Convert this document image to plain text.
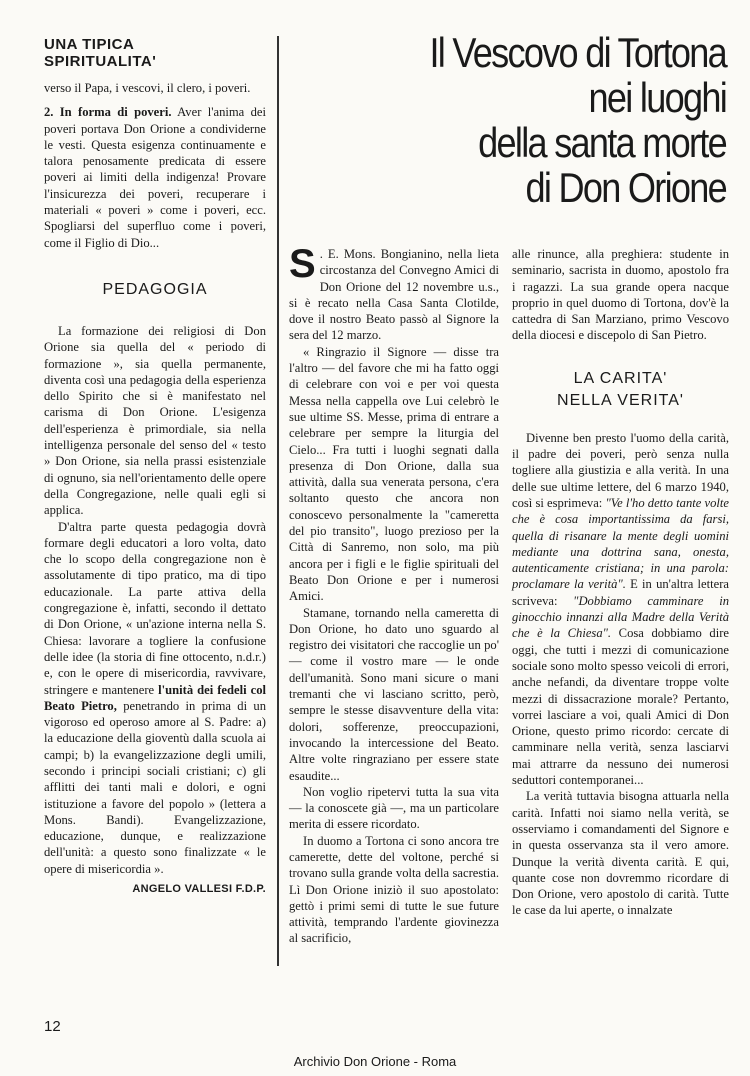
UNA TIPICA
SPIRITUALITA'

verso il Papa, i vescovi, il clero, i poveri.

2. In forma di poveri. Aver l'anima dei poveri portava Don Orione a condividerne le vesti. Questa esigenza continuamente e talora penosamente predicata di essere poveri ai limiti della indigenza! Provare l'insicurezza dei poveri, recuperare i materiali « poveri » come i poveri, ecc. Spogliarsi del superfluo come i poveri, come il Figlio di Dio...

PEDAGOGIA

La formazione dei religiosi di Don Orione sia quella del « periodo di formazione », sia quella permanente, diventa così una pedagogia della esperienza dello Spirito che si è manifestato nel carisma di Don Orione. L'esigenza dell'esperienza è primordiale, sia nella intelligenza personale del senso del « testo » Don Orione, sia nella prassi esistenziale di ognuno, sia nell'orientamento delle opere della Congregazione, nelle quali egli si applica.

D'altra parte questa pedagogia dovrà formare degli educatori a loro volta, dato che lo scopo della congregazione non è assolutamente di tipo pratico, ma di tipo educazionale. La parte attiva della congregazione è, infatti, secondo il dettato di Don Orione, « un'azione interna nella S. Chiesa: lavorare a togliere la confusione delle idee (la storia di fine ottocento, n.d.r.) e, con le opere di misericordia, ravvivare, stringere e mantenere l'unità dei fedeli col Beato Pietro, penetrando in prima di un vigoroso ed operoso amore al S. Padre: a) la educazione della gioventù dalla scuola ai campi; b) la evangelizzazione degli umili, secondo i principi sociali cristiani; c) gli afflitti dei tanti mali e dolori, e ogni istituzione a favore del popolo » (lettera a Mons. Bandi). Evangelizzazione, educazione, dunque, e realizzazione dell'unità: a questo sono finalizzate « le opere di misericordia ».

ANGELO VALLESI F.D.P.
Il Vescovo di Tortona
nei luoghi
della santa morte
di Don Orione

S . E. Mons. Bongianino, nella lieta circostanza del Convegno Amici di Don Orione del 12 novembre u.s., si è recato nella Casa Santa Clotilde, dove il nostro Beato passò al Signore la sera del 12 marzo.

« Ringrazio il Signore — disse tra l'altro — del favore che mi ha fatto oggi di celebrare con voi e per voi questa Messa nella cappella ove Lui celebrò le sue ultime SS. Messe, prima di entrare a celebrare per sempre la liturgia del Cielo... Fra tutti i luoghi segnati dalla presenza di Don Orione, dalla sua attività, dalla sua venerata persona, c'era soltanto questo che ancora non conoscevo personalmente la "cameretta del pio transito", luogo prezioso per la Città di Sanremo, non solo, ma più ancora per i figli e le figlie spirituali del Beato Don Orione e per i numerosi Amici.

Stamane, tornando nella cameretta di Don Orione, ho dato uno sguardo al registro dei visitatori che raccoglie un po' — come il vostro mare — le onde dell'umanità. Sono mani sicure o mani tremanti che vi lasciano scritto, però, sempre le stesse disavventure della vita: dolori, sofferenze, preoccupazioni, invocando la intercessione del Beato. Altre volte ringraziano per essere state esaudite...

Non voglio ripetervi tutta la sua vita — la conoscete già —, ma un particolare merita di essere ricordato.

In duomo a Tortona ci sono ancora tre camerette, dette del voltone, perché si trovano sulla grande volta della sacrestia. Lì Don Orione iniziò il suo apostolato: gettò i primi semi di tutte le sue future attività, temprando l'ardente giovinezza al sacrificio,

alle rinunce, alla preghiera: studente in seminario, sacrista in duomo, apostolo fra i ragazzi. La sua grande opera nacque proprio in quel duomo di Tortona, dov'è la cattedra di San Marziano, primo Vescovo della diocesi e discepolo di San Pietro.

LA CARITA'
NELLA VERITA'

Divenne ben presto l'uomo della carità, il padre dei poveri, però senza nulla togliere alla giustizia e alla verità. In una delle sue ultime lettere, del 6 marzo 1940, così si esprimeva: "Ve l'ho detto tante volte che è cosa importantissima da farsi, quella di risanare la mente degli uomini mediante una dottrina sana, onesta, autenticamente cristiana; in una parola: proclamare la verità". E in un'altra lettera scriveva: "Dobbiamo camminare in ginocchio innanzi alla Madre della Verità che è la Chiesa". Cosa dobbiamo dire oggi, che tutti i mezzi di comunicazione sociale sono molto spesso veicoli di errori, anche nefandi, da diventare troppe volte mezzi di dissacrazione morale? Pertanto, vorrei lasciare a voi, quali Amici di Don Orione, questo primo ricordo: cercate di camminare nella verità, senza lasciarvi mai attrarre da nessuno dei numerosi seduttori contemporanei...

La verità tuttavia bisogna attuarla nella carità. Infatti noi siamo nella verità, se osserviamo i comandamenti del Signore e in questa osservanza sta il vero amore. Dunque la verità diventa carità. E qui, quante cose non dovremmo ricordare di Don Orione, vero apostolo di carità. Tutte le case da lui aperte, o innalzate

12
Archivio Don Orione - Roma
